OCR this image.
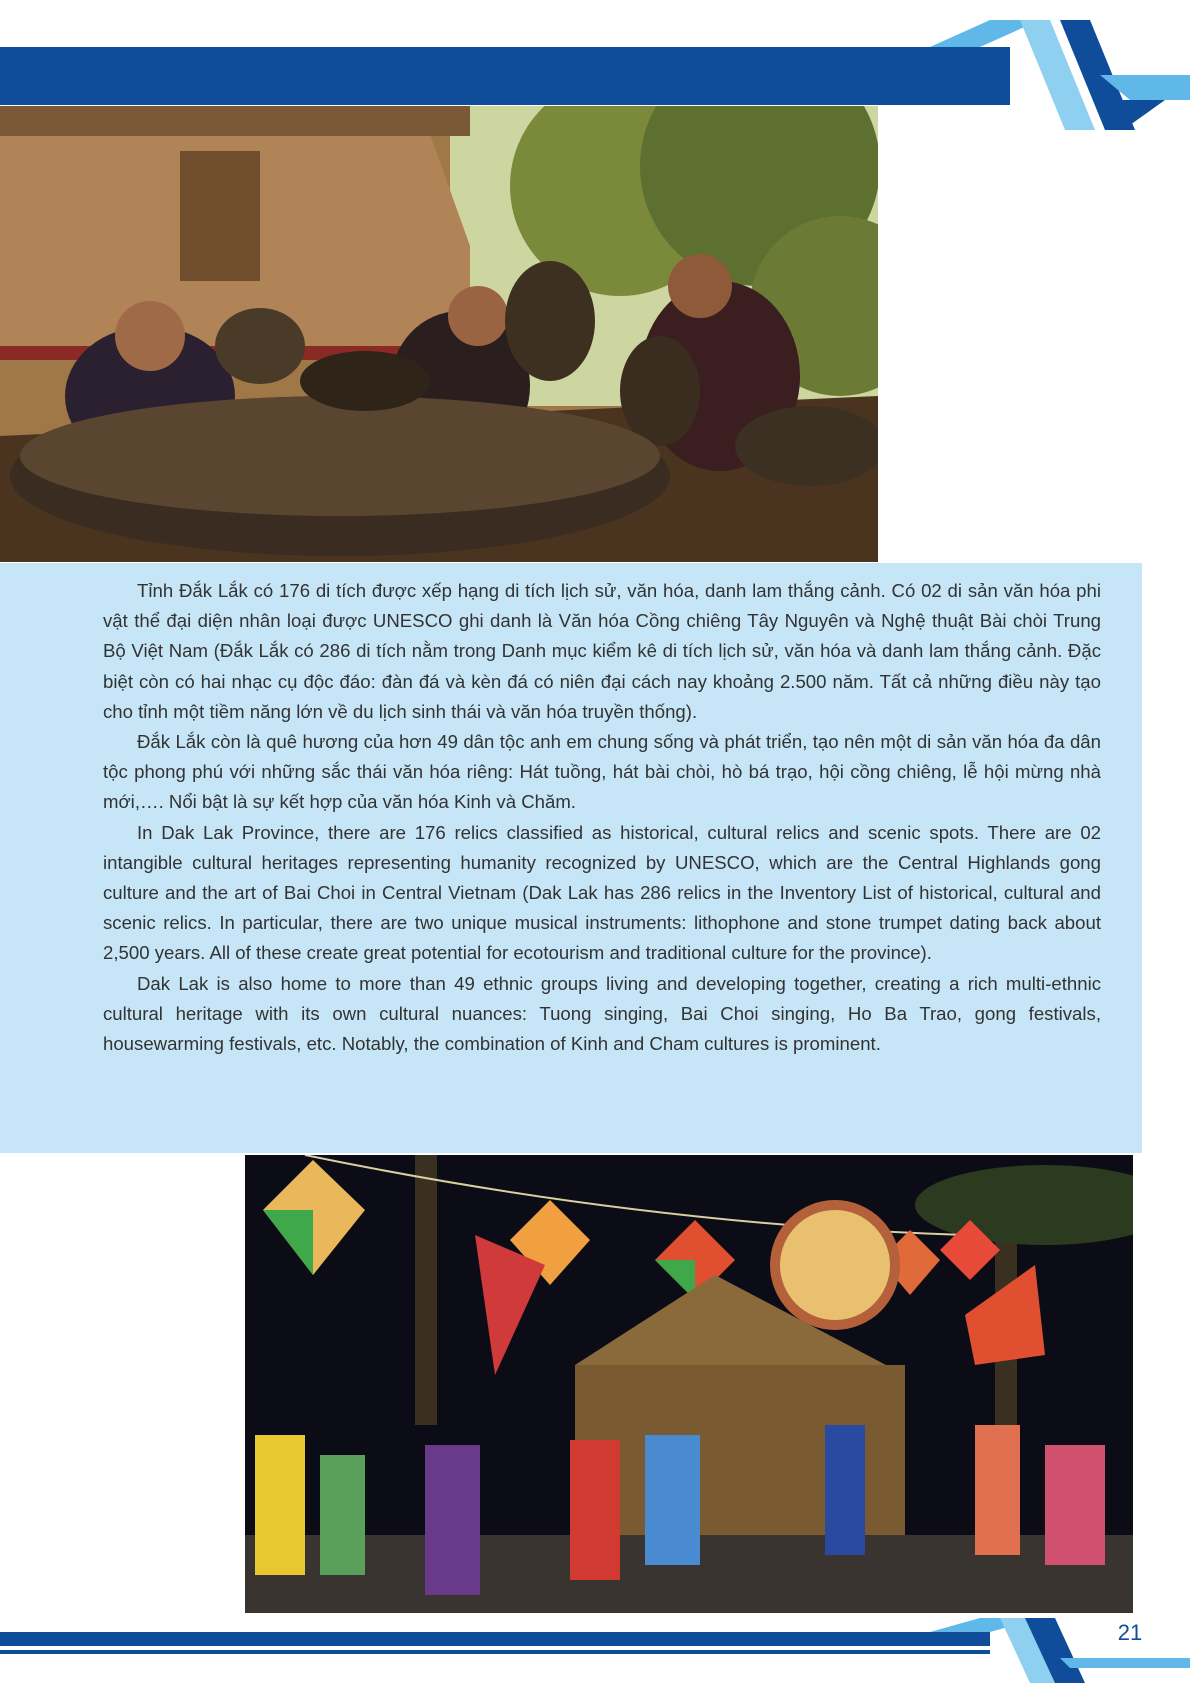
Tỉnh Đắk Lắk có 176 di tích được xếp hạng di tích lịch sử, văn hóa, danh lam thắng cảnh. Có 02 di sản văn hóa phi vật thể đại diện nhân loại được UNESCO ghi danh là Văn hóa Cồng chiêng Tây Nguyên và Nghệ thuật Bài chòi Trung Bộ Việt Nam (Đắk Lắk có 286 di tích nằm trong Danh mục kiểm kê di tích lịch sử, văn hóa và danh lam thắng cảnh. Đặc biệt còn có hai nhạc cụ độc đáo: đàn đá và kèn đá có niên đại cách nay khoảng 2.500 năm. Tất cả những điều này tạo cho tỉnh một tiềm năng lớn về du lịch sinh thái và văn hóa truyền thống).

Đắk Lắk còn là quê hương của hơn 49 dân tộc anh em chung sống và phát triển, tạo nên một di sản văn hóa đa dân tộc phong phú với những sắc thái văn hóa riêng: Hát tuồng, hát bài chòi, hò bá trạo, hội cồng chiêng, lễ hội mừng nhà mới,…. Nổi bật là sự kết hợp của văn hóa Kinh và Chăm.

In Dak Lak Province, there are 176 relics classified as historical, cultural relics and scenic spots. There are 02 intangible cultural heritages representing humanity recognized by UNESCO, which are the Central Highlands gong culture and the art of Bai Choi in Central Vietnam (Dak Lak has 286 relics in the Inventory List of historical, cultural and scenic relics. In particular, there are two unique musical instruments: lithophone and stone trumpet dating back about 2,500 years. All of these create great potential for ecotourism and traditional culture for the province).

Dak Lak is also home to more than 49 ethnic groups living and developing together, creating a rich multi-ethnic cultural heritage with its own cultural nuances: Tuong singing, Bai Choi singing, Ho Ba Trao, gong festivals, housewarming festivals, etc. Notably, the combination of Kinh and Cham cultures is prominent.

21
